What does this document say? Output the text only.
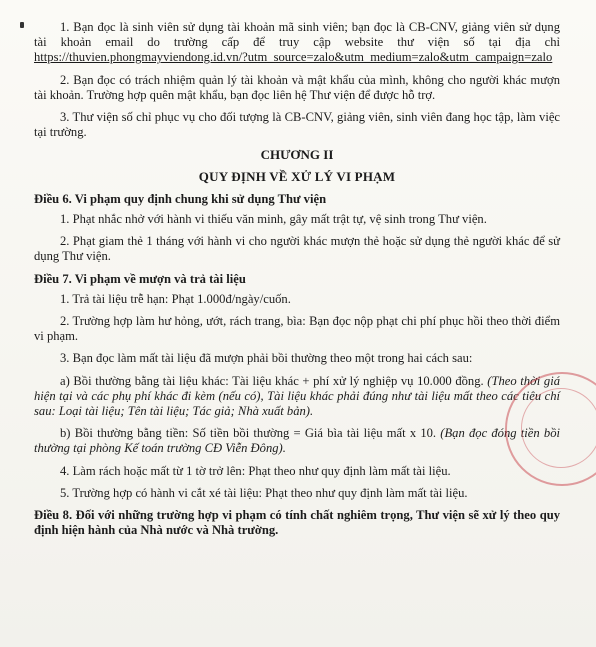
1. Bạn đọc là sinh viên sử dụng tài khoản mã sinh viên; bạn đọc là CB-CNV, giảng viên sử dụng tài khoản email do trường cấp để truy cập website thư viện số tại địa chỉ https://thuvien.phongmayviendong.id.vn/?utm_source=zalo&utm_medium=zalo&utm_campaign=zalo

2. Bạn đọc có trách nhiệm quản lý tài khoản và mật khẩu của mình, không cho người khác mượn tài khoản. Trường hợp quên mật khẩu, bạn đọc liên hệ Thư viện để được hỗ trợ.

3. Thư viện số chỉ phục vụ cho đối tượng là CB-CNV, giảng viên, sinh viên đang học tập, làm việc tại trường.

CHƯƠNG II
QUY ĐỊNH VỀ XỬ LÝ VI PHẠM
Điều 6. Vi phạm quy định chung khi sử dụng Thư viện

1. Phạt nhắc nhở với hành vi thiếu văn minh, gây mất trật tự, vệ sinh trong Thư viện.

2. Phạt giam thẻ 1 tháng với hành vi cho người khác mượn thẻ hoặc sử dụng thẻ người khác để sử dụng Thư viện.

Điều 7. Vi phạm về mượn và trả tài liệu

1. Trả tài liệu trễ hạn: Phạt 1.000đ/ngày/cuốn.

2. Trường hợp làm hư hỏng, ướt, rách trang, bìa: Bạn đọc nộp phạt chi phí phục hồi theo thời điểm vi phạm.

3. Bạn đọc làm mất tài liệu đã mượn phải bồi thường theo một trong hai cách sau:

a) Bồi thường bằng tài liệu khác: Tài liệu khác + phí xử lý nghiệp vụ 10.000 đồng. (Theo thời giá hiện tại và các phụ phí khác đi kèm (nếu có), Tài liệu khác phải đúng như tài liệu mất theo các tiêu chí sau: Loại tài liệu; Tên tài liệu; Tác giả; Nhà xuất bản).

b) Bồi thường bằng tiền: Số tiền bồi thường = Giá bìa tài liệu mất x 10. (Bạn đọc đóng tiền bồi thường tại phòng Kế toán trường CĐ Viễn Đông).

4. Làm rách hoặc mất từ 1 tờ trở lên: Phạt theo như quy định làm mất tài liệu.

5. Trường hợp có hành vi cắt xé tài liệu: Phạt theo như quy định làm mất tài liệu.

Điều 8. Đối với những trường hợp vi phạm có tính chất nghiêm trọng, Thư viện sẽ xử lý theo quy định hiện hành của Nhà nước và Nhà trường.
